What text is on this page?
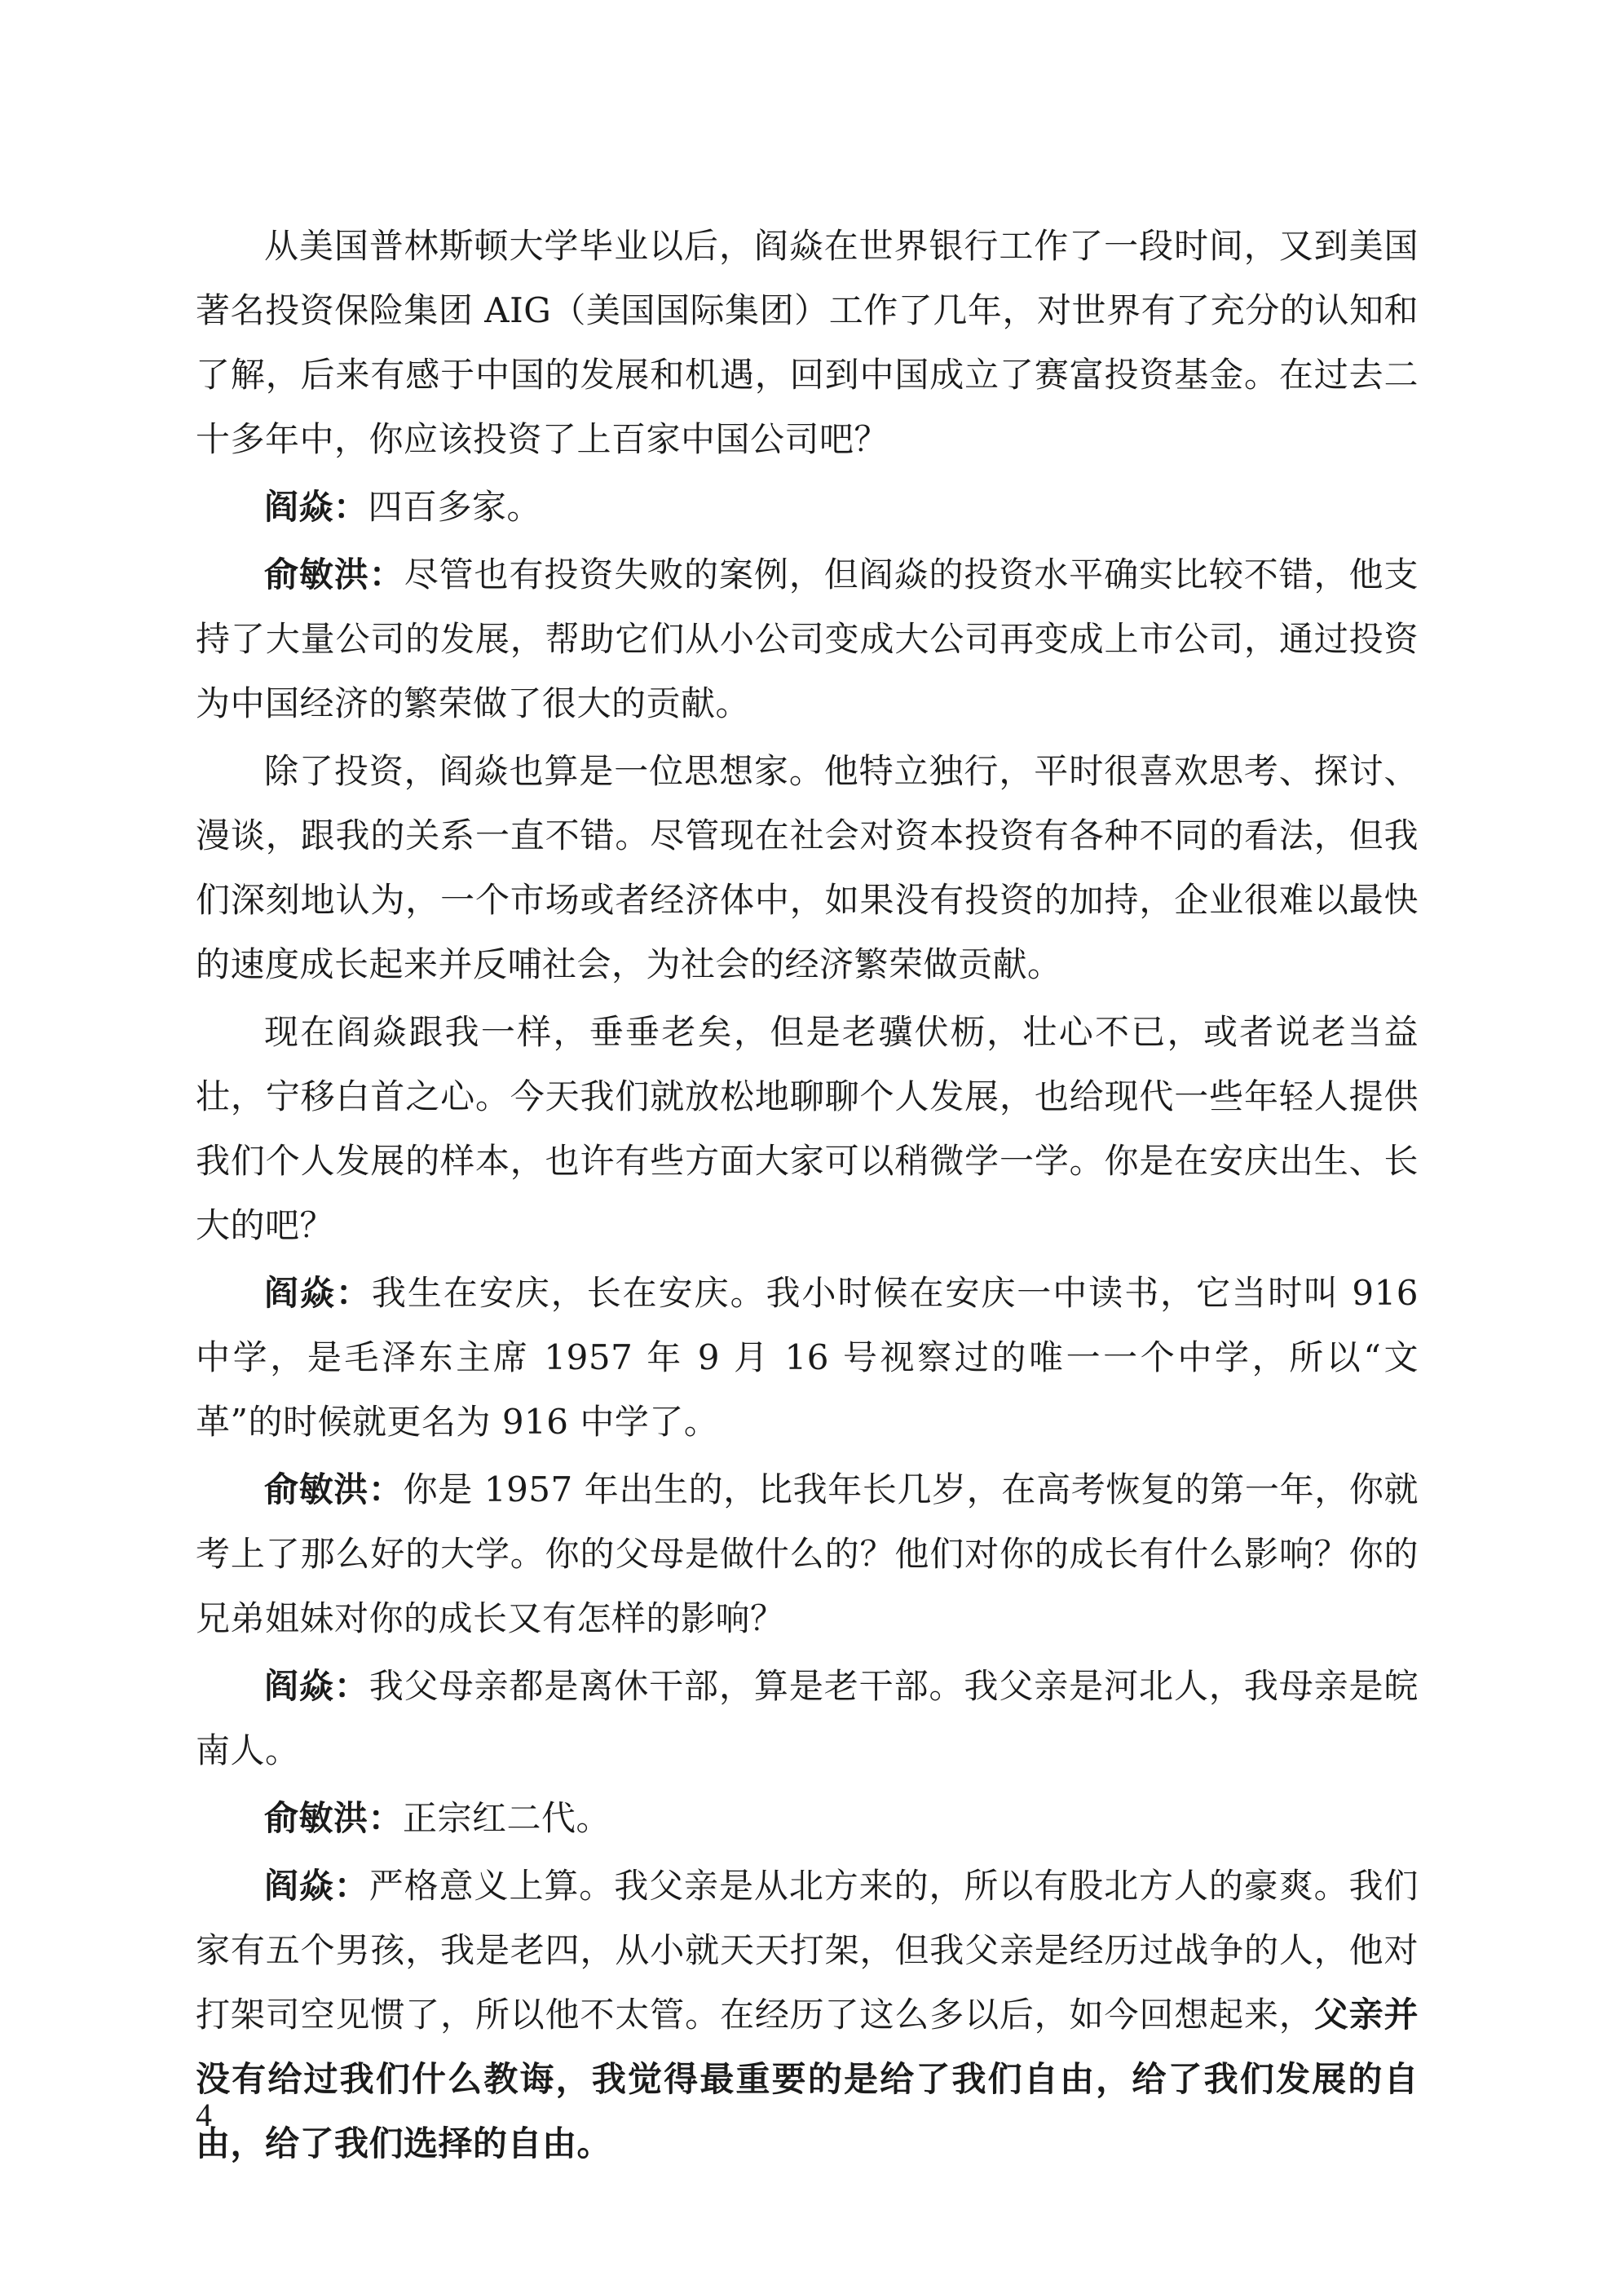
从美国普林斯顿大学毕业以后，阎焱在世界银行工作了一段时间，又到美国著名投资保险集团 AIG（美国国际集团）工作了几年，对世界有了充分的认知和了解，后来有感于中国的发展和机遇，回到中国成立了赛富投资基金。在过去二十多年中，你应该投资了上百家中国公司吧？

阎焱：四百多家。

俞敏洪：尽管也有投资失败的案例，但阎焱的投资水平确实比较不错，他支持了大量公司的发展，帮助它们从小公司变成大公司再变成上市公司，通过投资为中国经济的繁荣做了很大的贡献。

除了投资，阎焱也算是一位思想家。他特立独行，平时很喜欢思考、探讨、漫谈，跟我的关系一直不错。尽管现在社会对资本投资有各种不同的看法，但我们深刻地认为，一个市场或者经济体中，如果没有投资的加持，企业很难以最快的速度成长起来并反哺社会，为社会的经济繁荣做贡献。

现在阎焱跟我一样，垂垂老矣，但是老骥伏枥，壮心不已，或者说老当益壮，宁移白首之心。今天我们就放松地聊聊个人发展，也给现代一些年轻人提供我们个人发展的样本，也许有些方面大家可以稍微学一学。你是在安庆出生、长大的吧？

阎焱：我生在安庆，长在安庆。我小时候在安庆一中读书，它当时叫 916 中学，是毛泽东主席 1957 年 9 月 16 号视察过的唯一一个中学，所以“文革”的时候就更名为 916 中学了。

俞敏洪：你是 1957 年出生的，比我年长几岁，在高考恢复的第一年，你就考上了那么好的大学。你的父母是做什么的？他们对你的成长有什么影响？你的兄弟姐妹对你的成长又有怎样的影响？

阎焱：我父母亲都是离休干部，算是老干部。我父亲是河北人，我母亲是皖南人。

俞敏洪：正宗红二代。

阎焱：严格意义上算。我父亲是从北方来的，所以有股北方人的豪爽。我们家有五个男孩，我是老四，从小就天天打架，但我父亲是经历过战争的人，他对打架司空见惯了，所以他不太管。在经历了这么多以后，如今回想起来，父亲并没有给过我们什么教诲，我觉得最重要的是给了我们自由，给了我们发展的自由，给了我们选择的自由。

4
